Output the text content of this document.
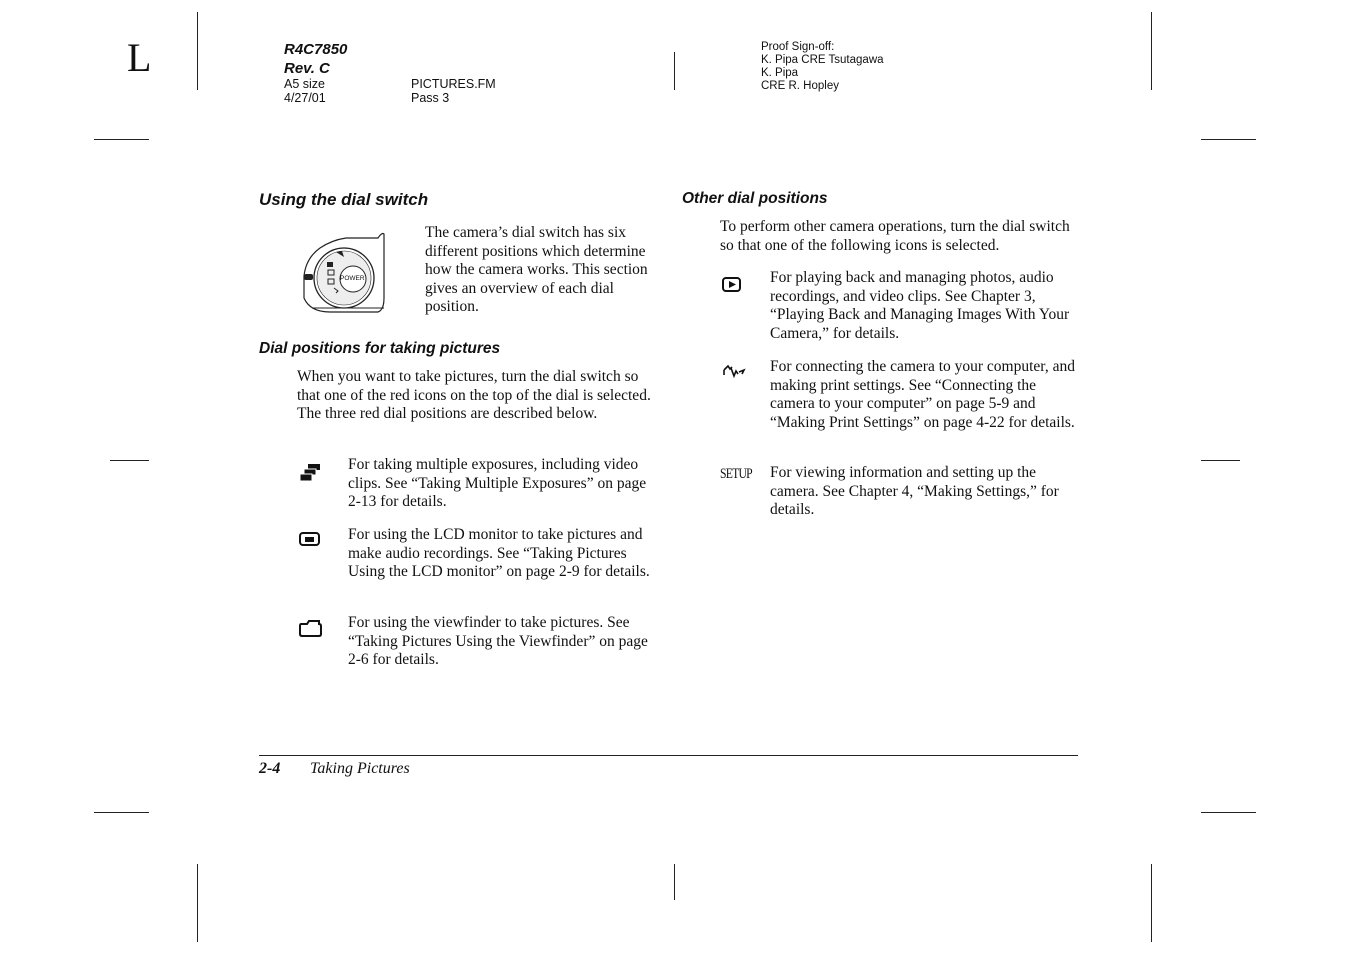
L	R4C7850
Rev. C
A5 size
4/27/01
PICTURES.FM
Pass 3
Proof Sign-off:
K. Pipa CRE Tsutagawa
K. Pipa
CRE R. Hopley
Using the dial switch
POWER
The camera’s dial switch has six different positions which determine how the camera works. This section gives an overview of each dial position.
Dial positions for taking pictures
When you want to take pictures, turn the dial switch so that one of the red icons on the top of the dial is selected. The three red dial positions are described below.
For taking multiple exposures, including video clips. See “Taking Multiple Exposures” on page 2-13 for details.
For using the LCD monitor to take pictures and make audio recordings. See “Taking Pictures Using the LCD monitor” on page 2-9 for details.
For using the viewfinder to take pictures. See “Taking Pictures Using the Viewfinder” on page 2-6 for details.
Other dial positions
To perform other camera operations, turn the dial switch so that one of the following icons is selected.
For playing back and managing photos, audio recordings, and video clips. See Chapter 3, “Playing Back and Managing Images With Your Camera,” for details.
For connecting the camera to your computer, and making print settings. See “Connecting the camera to your computer” on page 5-9 and “Making Print Settings” on page 4-22 for details.
SETUP For viewing information and setting up the camera. See Chapter 4, “Making Settings,” for details.
2-4 Taking Pictures
